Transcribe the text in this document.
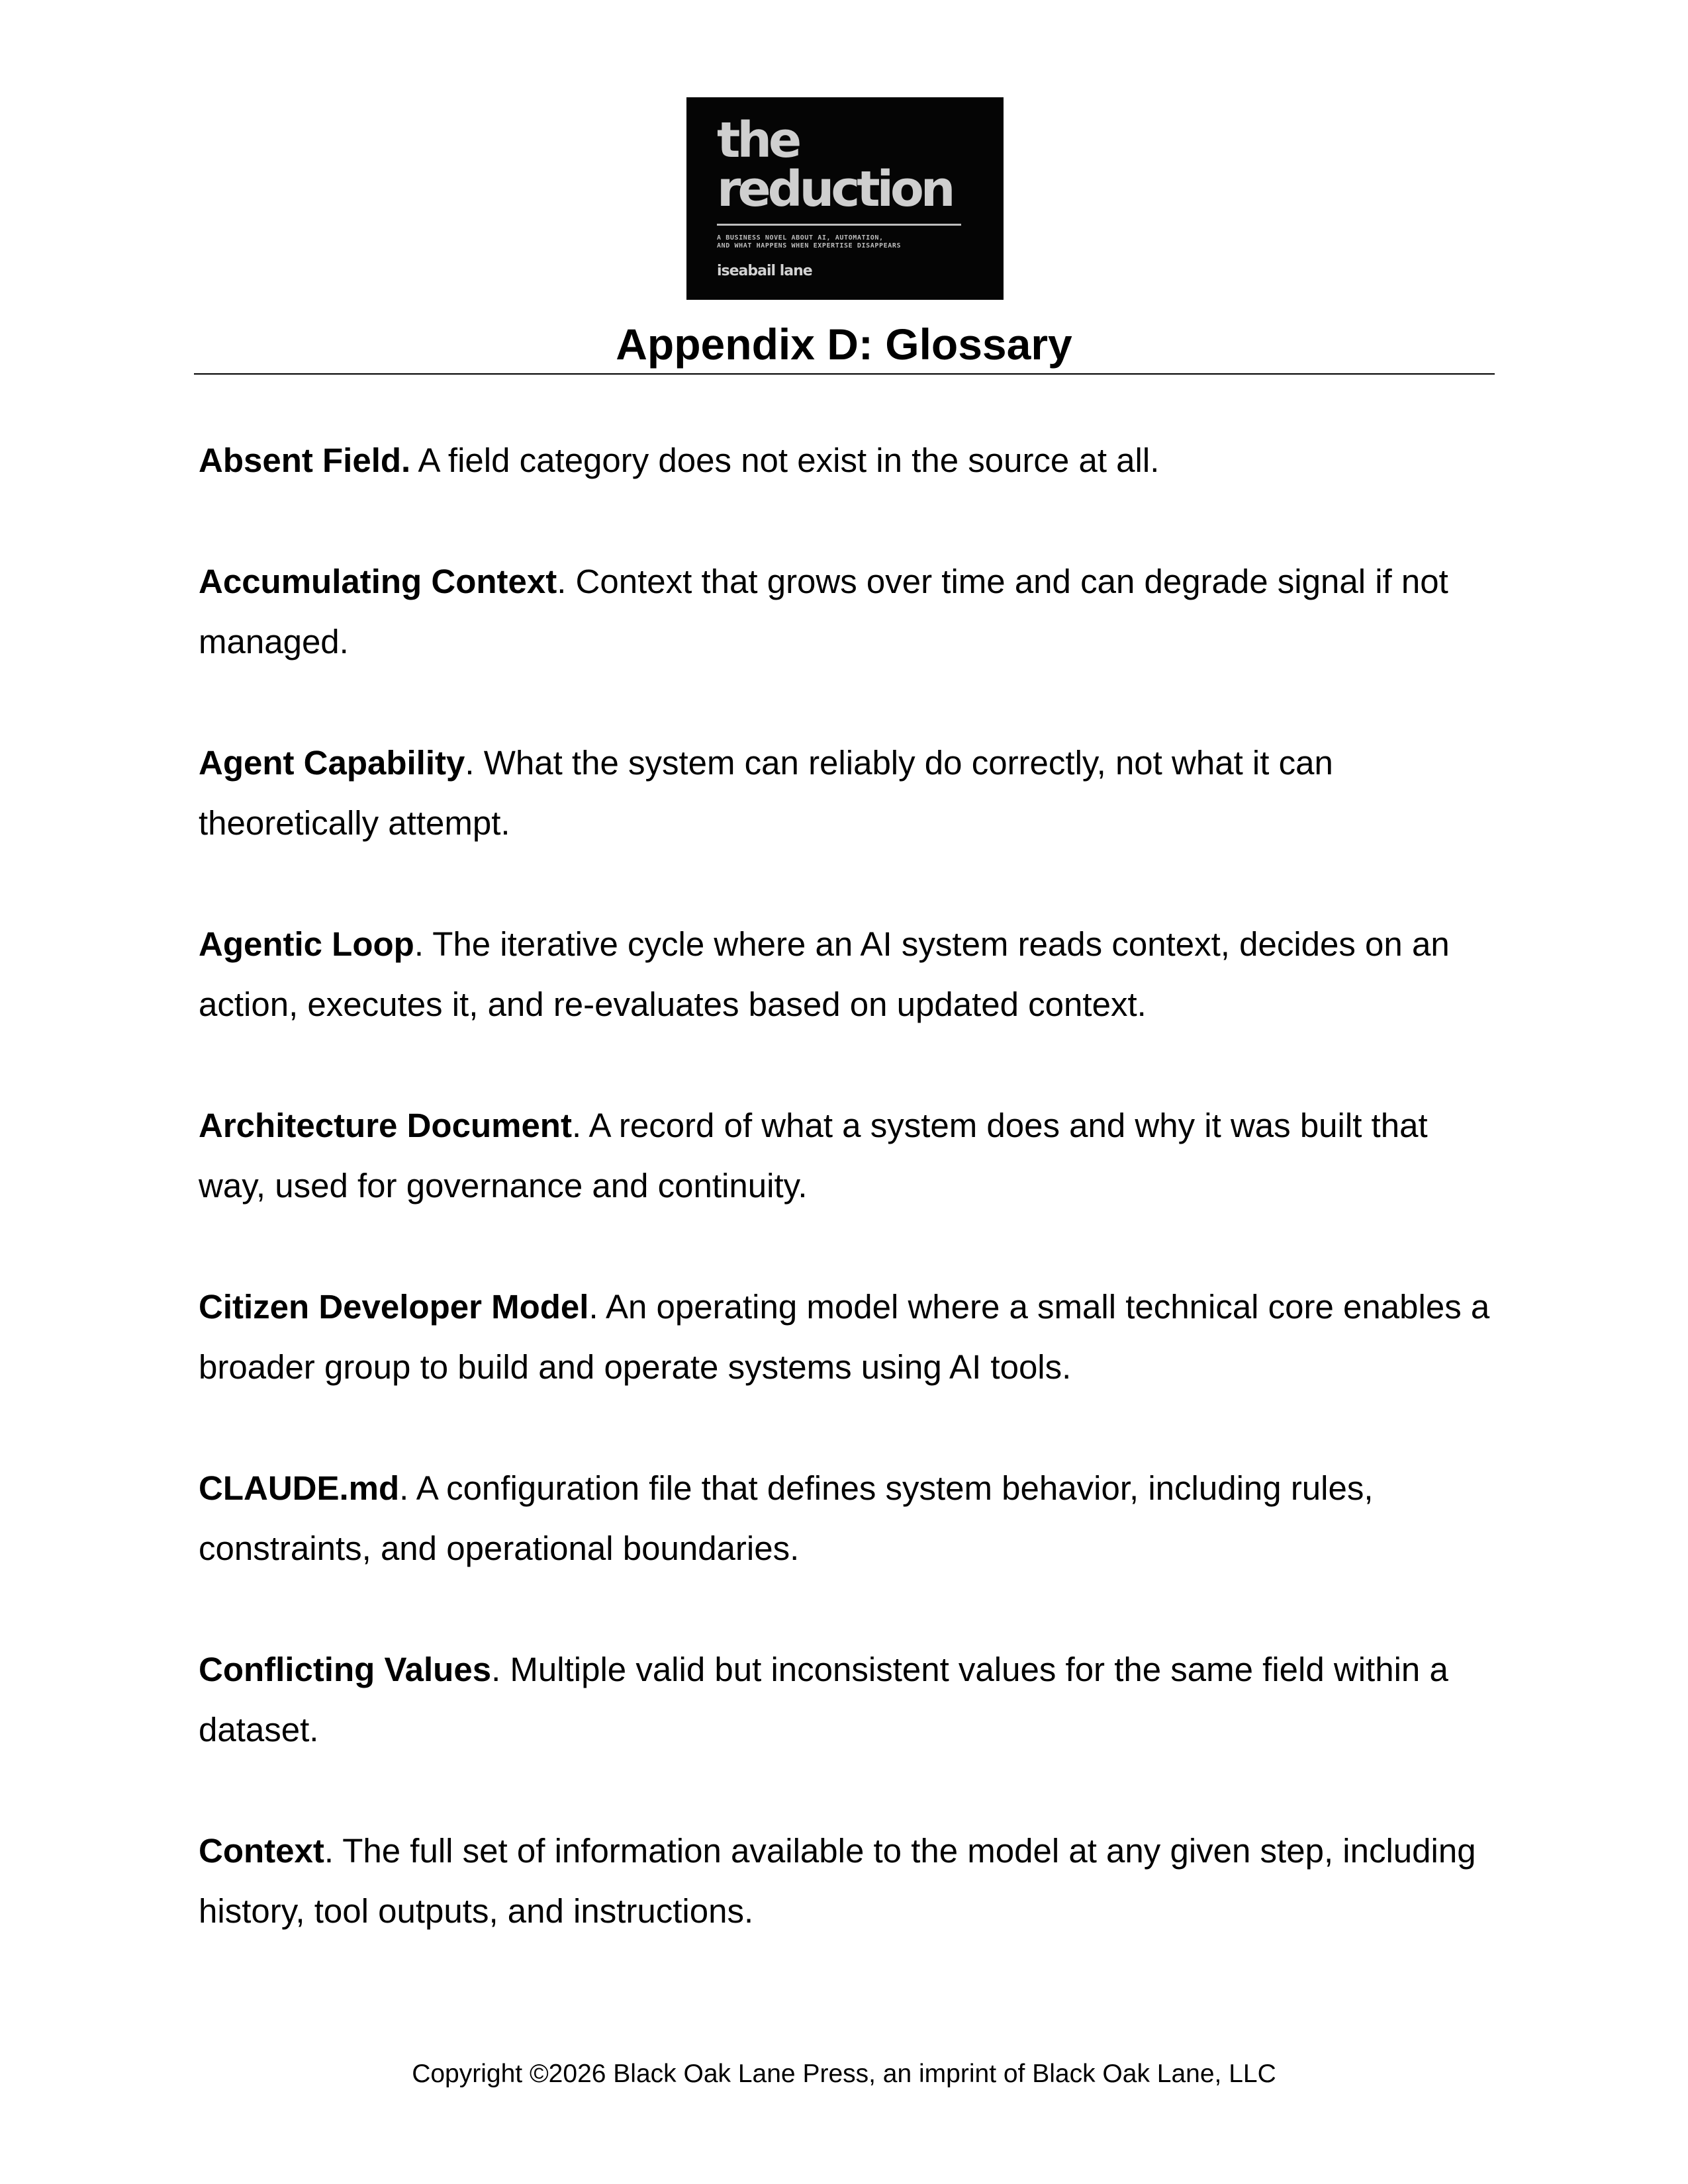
the
reduction
A BUSINESS NOVEL ABOUT AI, AUTOMATION,
AND WHAT HAPPENS WHEN EXPERTISE DISAPPEARS
iseabail lane
Appendix D: Glossary

Absent Field. A field category does not exist in the source at all.

Accumulating Context. Context that grows over time and can degrade signal if not managed.

Agent Capability. What the system can reliably do correctly, not what it can theoretically attempt.

Agentic Loop. The iterative cycle where an AI system reads context, decides on an action, executes it, and re-evaluates based on updated context.

Architecture Document. A record of what a system does and why it was built that way, used for governance and continuity.

Citizen Developer Model. An operating model where a small technical core enables a broader group to build and operate systems using AI tools.

CLAUDE.md. A configuration file that defines system behavior, including rules, constraints, and operational boundaries.

Conflicting Values. Multiple valid but inconsistent values for the same field within a dataset.

Context. The full set of information available to the model at any given step, including history, tool outputs, and instructions.

Copyright ©2026 Black Oak Lane Press, an imprint of Black Oak Lane, LLC
